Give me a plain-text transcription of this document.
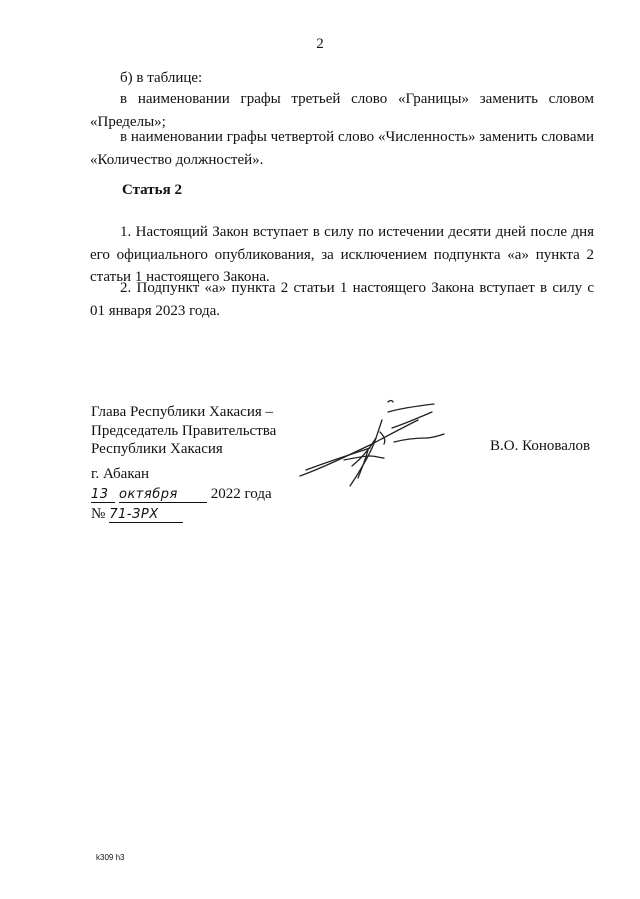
2
б) в таблице:
в наименовании графы третьей слово «Границы» заменить словом «Пределы»;
в наименовании графы четвертой слово «Численность» заменить словами «Количество должностей».
Статья 2
1. Настоящий Закон вступает в силу по истечении десяти дней после дня его официального опубликования, за исключением подпункта «а» пункта 2 статьи 1 настоящего Закона.
2. Подпункт «а» пункта 2 статьи 1 настоящего Закона вступает в силу с 01 января 2023 года.
Глава Республики Хакасия –
Председатель Правительства
Республики Хакасия	В.О. Коновалов
г. Абакан
13 октября 2022 года
№ 71-ЗРХ
k309 h3
